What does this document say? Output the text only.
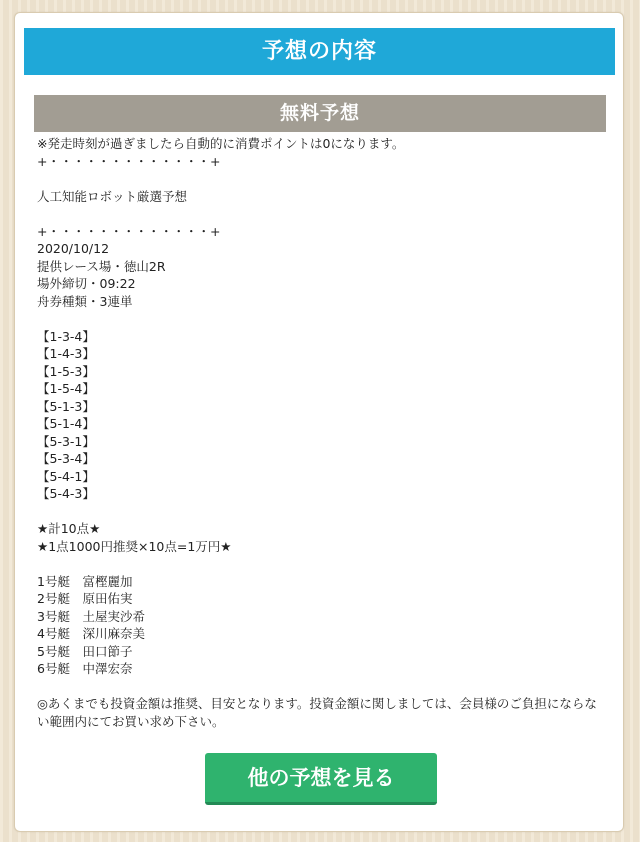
予想の内容
無料予想
※発走時刻が過ぎましたら自動的に消費ポイントは0になります。
+・・・・・・・・・・・・・+
人工知能ロボット厳選予想
+・・・・・・・・・・・・・+
2020/10/12
提供レース場・徳山2R
場外締切・09:22
舟券種類・3連単
【1-3-4】
【1-4-3】
【1-5-3】
【1-5-4】
【5-1-3】
【5-1-4】
【5-3-1】
【5-3-4】
【5-4-1】
【5-4-3】
★計10点★
★1点1000円推奨×10点=1万円★
1号艇　富樫麗加
2号艇　原田佑実
3号艇　土屋実沙希
4号艇　深川麻奈美
5号艇　田口節子
6号艇　中澤宏奈
◎あくまでも投資金額は推奨、目安となります。投資金額に関しましては、会員様のご負担にならない範囲内にてお買い求め下さい。
他の予想を見る
